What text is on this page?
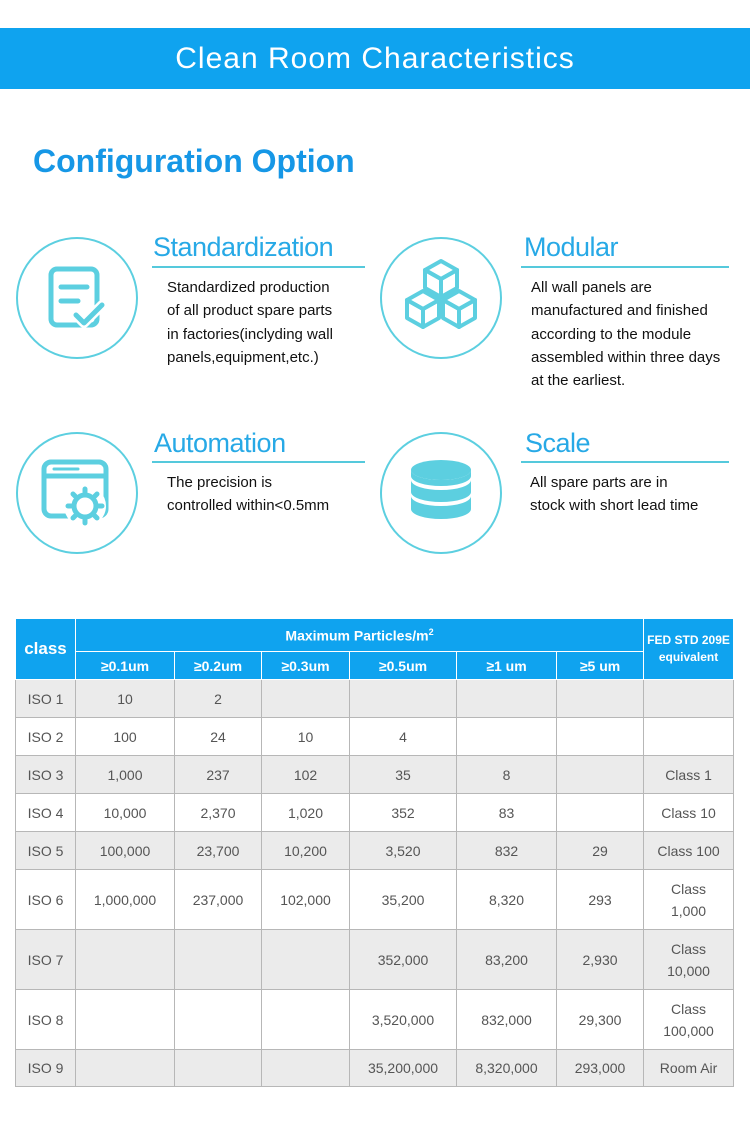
Clean Room Characteristics
Configuration Option
Standardization
Standardized production
of all product spare parts
in factories(inclyding wall
panels,equipment,etc.)
Modular
All wall panels are
manufactured and finished
according to the module
assembled within three days
at the earliest.
Automation
The precision is
controlled within<0.5mm
Scale
All spare parts are in
stock with short lead time
class	Maximum Particles/$m^2$						FED STD 209E
equivalent

	≥0.1um	≥0.2um	≥0.3um	≥0.5um	≥1 um	≥5 um	
ISO 1	10	2					

ISO 2	100	24	10	4			

ISO 3	1,000	237	102	35	8		Class 1

ISO 4	10,000	2,370	1,020	352	83		Class 10

ISO 5	100,000	23,700	10,200	3,520	832	29	Class 100

ISO 6	1,000,000	237,000	102,000	35,200	8,320	293	Class
1,000

ISO 7				352,000	83,200	2,930	Class
10,000

ISO 8				3,520,000	832,000	29,300	Class
100,000

ISO 9				35,200,000	8,320,000	293,000	Room Air
